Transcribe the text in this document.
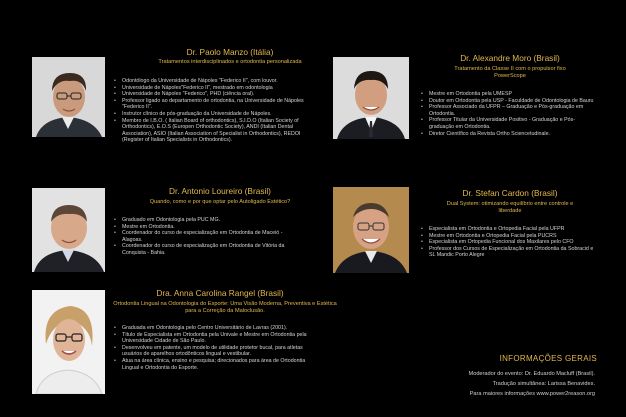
Dr. Paolo Manzo (Itália)
Tratamentos interdisciplinados e ortodontia personalizada
• Odontólogo da Universidade de Nápoles "Federico II", com louvor.
• Universidade de Nápoles"Federico II", mestrado em odontologia
• Universidade de Nápoles "Federico", PHD (ciência oral).
• Professor ligado ao departamento de ortodontia, na Universidade de Nápoles "Federico II".
• Instrutor clínico de pós-graduação da Universidade de Nápoles.
• Membro de I.B.O. ( Italian Board of orthodontics), S.I.D.O (Italian Society of Orthodontics), E.O.S (Europen Orthodontic Society), ANDI (Italian Dental Association), ASIO (Italian Association of Specialist in Orthodontics), REDOI (Register of Italian Specialists in Orthodontics).
Dr. Antonio Loureiro (Brasil)
Quando, como e por que optar pelo Autoligado Estético?
• Graduado em Odontologia pela PUC MG.
• Mestre em Ortodontia.
• Coordenador do curso de especialização em Ortodontia de Maceió - Alagoas.
• Coordenador do curso de especialização em Ortodontia de Vitória da Conquista - Bahia.
Dra. Anna Carolina Rangel (Brasil)
Ortodontia Lingual na Odontologia do Esporte: Uma Visão Moderna, Preventiva e Estética para a Correção da Maloclusão.
• Graduada em Odontologia pelo Centro Universitário de Lavras (2001).
• Título de Especialista em Ortodontia pela Univale e Mestre em Ortodontia pela Universidade Cidade de São Paulo.
• Desenvolveu em patente, um modelo de utilidade protetor bucal, para atletas usuários de aparelhos ortodônticos lingual e vestibular.
• Atua na área clínica, ensino e pesquisa; direcionados para área de Ortodontia Lingual e Ortodontia do Esporte.
Dr. Alexandre Moro (Brasil)
Tratamento da Classe II com o propulsor fixo PowerScope
• Mestre em Ortodontia pela UMESP
• Doutor em Ortodontia pela USP - Faculdade de Odontologia de Bauru
• Professor Associado da UFPR – Graduação e Pós-graduação em Ortodontia.
• Professor Titular da Universidade Positivo - Graduação e Pós-graduação em Ortodontia.
• Diretor Científico da Revista Ortho Sciencetudinale.
Dr. Stefan Cardon (Brasil)
Dual System: otimizando equilíbrio entre controle e liberdade
• Especialista em Ortodontia e Ortopedia Facial pela UFPR
• Mestre em Ortodontia e Ortopedia Facial pela PUCRS
• Especialista em Ortopedia Funcional dos Maxilares pelo CFO
• Professor dos Cursos de Especialização em Ortodontia da Sobracid e SL Mandic Porto Alegre
INFORMAÇÕES GERAIS
Moderador do evento: Dr. Eduardo Macluff (Brasil).
Tradução simultânea: Larissa Benavides.
Para maiores informações www.power2reason.org
